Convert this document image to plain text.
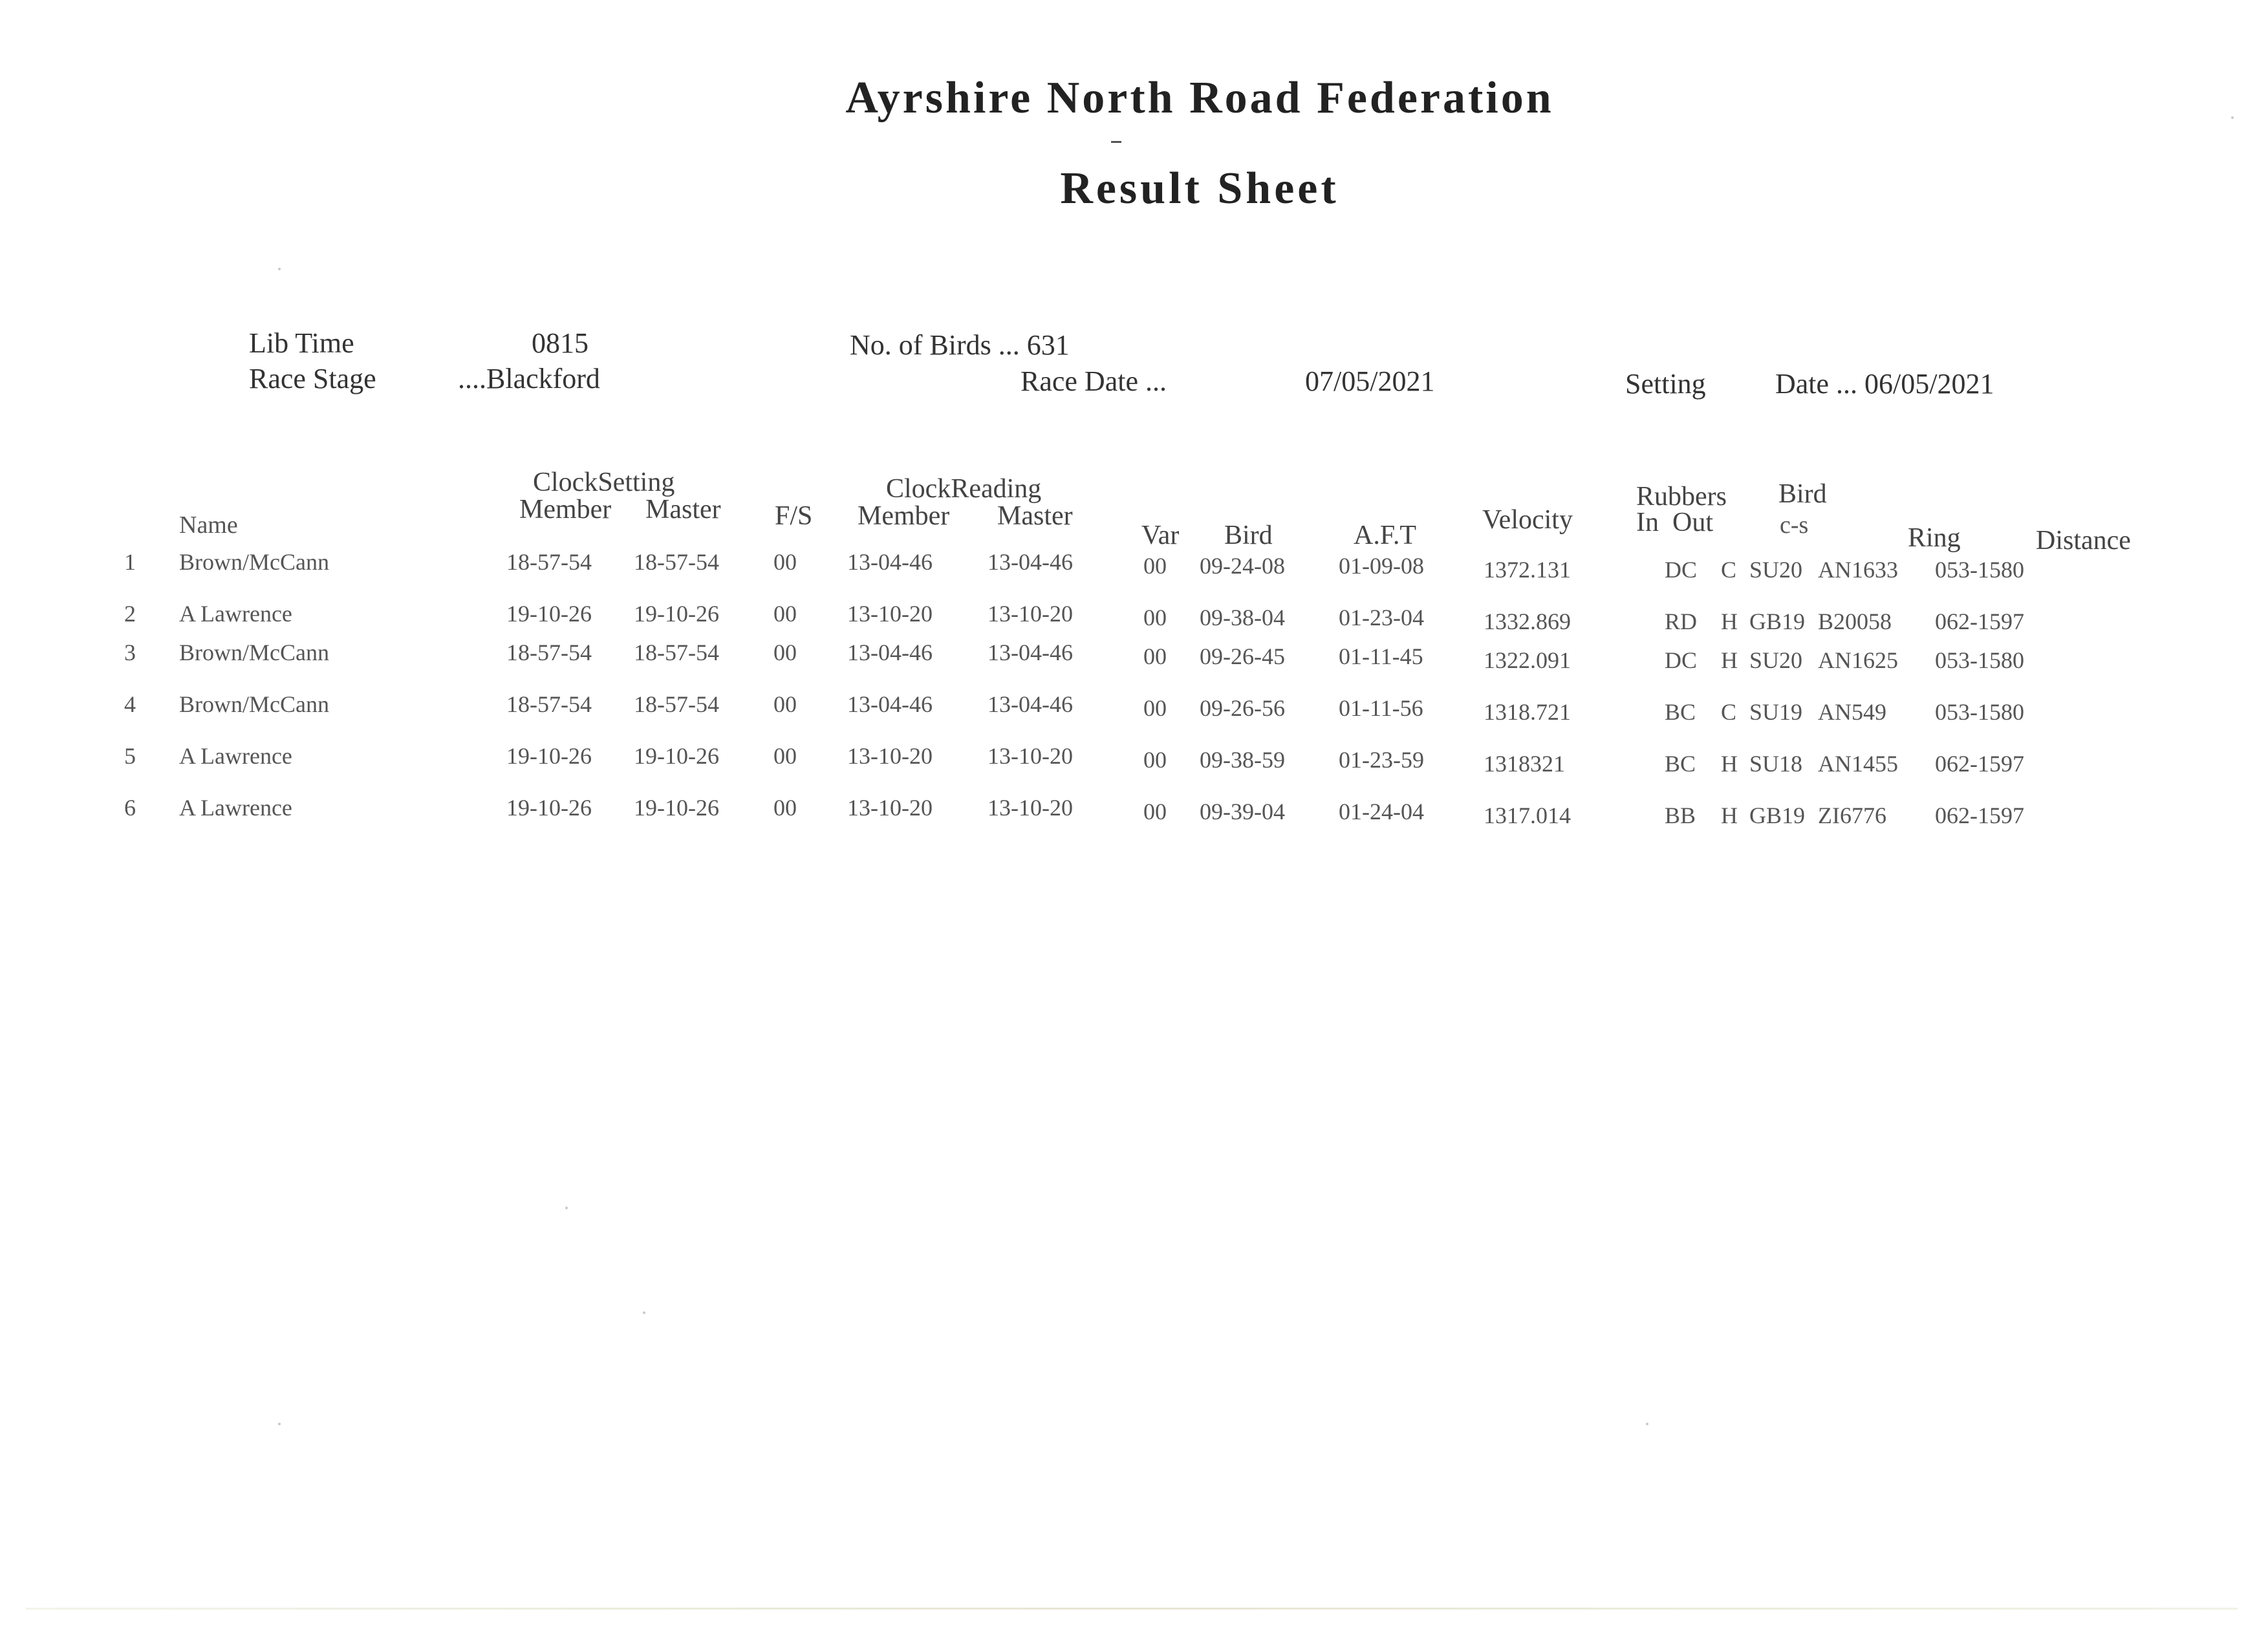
Ayrshire North Road Federation
Result Sheet
Lib Time	0815
Race Stage	....Blackford
No. of Birds ... 631
Race Date ...	07/05/2021	Setting Date ... 06/05/2021
Name
ClockSetting
Member Master F/S
ClockReading
Member Master
Var Bird	A.F.T
Velocity
Rubbers
In  Out
Bird
c-s	Ring	Distance
1 Brown/McCann	18-57-54 18-57-54 00 13-04-46 13-04-46	00 09-24-08 01-09-08	1372.131	DC C SU20 AN1633 053-1580
2 A Lawrence	19-10-26 19-10-26 00 13-10-20 13-10-20	00 09-38-04 01-23-04	1332.869	RD H GB19 B20058 062-1597
3 Brown/McCann	18-57-54 18-57-54 00 13-04-46 13-04-46	00 09-26-45 01-11-45	1322.091	DC H SU20 AN1625 053-1580
4 Brown/McCann	18-57-54 18-57-54 00 13-04-46 13-04-46	00 09-26-56 01-11-56	1318.721	BC C SU19 AN549 053-1580
5 A Lawrence	19-10-26 19-10-26 00 13-10-20 13-10-20	00 09-38-59 01-23-59	1318321	BC H SU18 AN1455 062-1597
6 A Lawrence	19-10-26 19-10-26 00 13-10-20 13-10-20	00 09-39-04 01-24-04	1317.014	BB H GB19 ZI6776 062-1597
